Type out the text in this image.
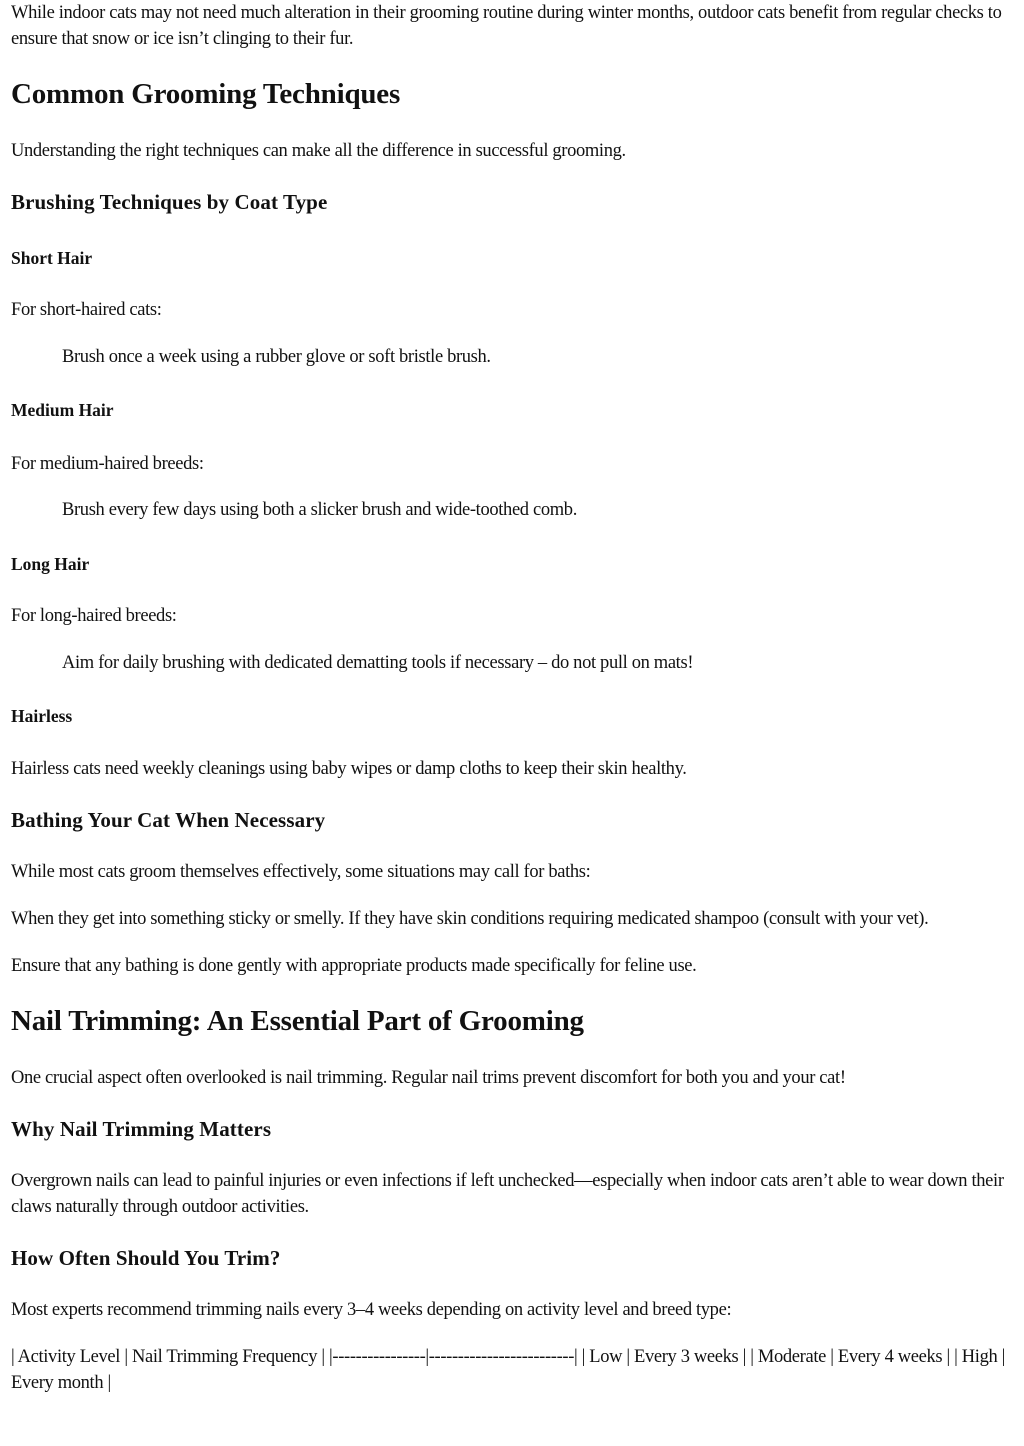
While indoor cats may not need much alteration in their grooming routine during winter months, outdoor cats benefit from regular checks to ensure that snow or ice isn’t clinging to their fur.

Common Grooming Techniques

Understanding the right techniques can make all the difference in successful grooming.

Brushing Techniques by Coat Type
Short Hair

For short-haired cats:

Brush once a week using a rubber glove or soft bristle brush.
Medium Hair

For medium-haired breeds:

Brush every few days using both a slicker brush and wide-toothed comb.
Long Hair

For long-haired breeds:

Aim for daily brushing with dedicated dematting tools if necessary – do not pull on mats!
Hairless

Hairless cats need weekly cleanings using baby wipes or damp cloths to keep their skin healthy.

Bathing Your Cat When Necessary

While most cats groom themselves effectively, some situations may call for baths:

When they get into something sticky or smelly. If they have skin conditions requiring medicated shampoo (consult with your vet).

Ensure that any bathing is done gently with appropriate products made specifically for feline use.

Nail Trimming: An Essential Part of Grooming

One crucial aspect often overlooked is nail trimming. Regular nail trims prevent discomfort for both you and your cat!

Why Nail Trimming Matters

Overgrown nails can lead to painful injuries or even infections if left unchecked—especially when indoor cats aren’t able to wear down their claws naturally through outdoor activities.

How Often Should You Trim?

Most experts recommend trimming nails every 3–4 weeks depending on activity level and breed type:

| Activity Level | Nail Trimming Frequency | |----------------|-------------------------| | Low | Every 3 weeks | | Moderate | Every 4 weeks | | High | Every month |
